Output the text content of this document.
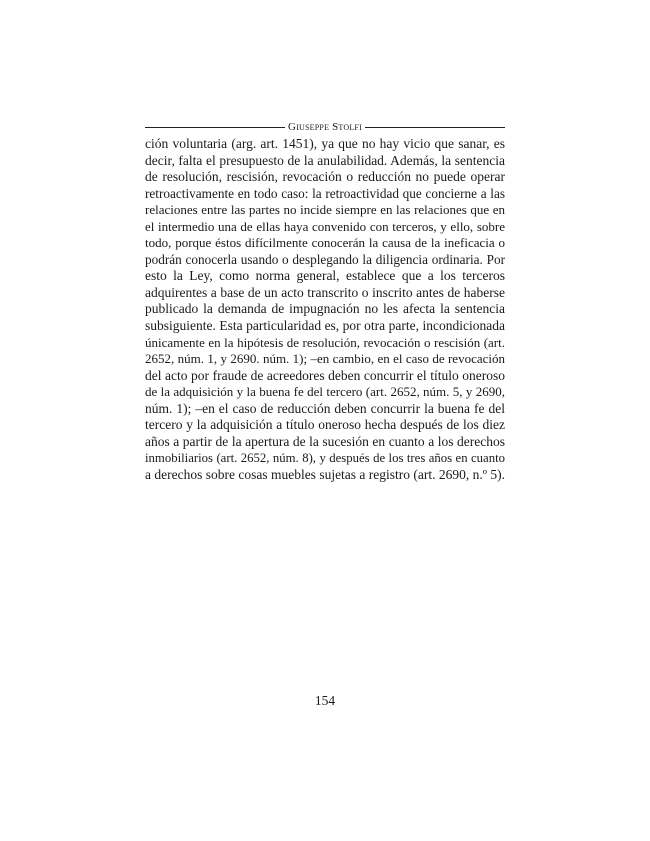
Giuseppe Stolfi
ción voluntaria (arg. art. 1451), ya que no hay vicio que sanar, es
decir, falta el presupuesto de la anulabilidad. Además, la sentencia
de resolución, rescisión, revocación o reducción no puede operar
retroactivamente en todo caso: la retroactividad que concierne a las
relaciones entre las partes no incide siempre en las relaciones que en
el intermedio una de ellas haya convenido con terceros, y ello, sobre
todo, porque éstos difícilmente conocerán la causa de la ineficacia o
podrán conocerla usando o desplegando la diligencia ordinaria. Por
esto la Ley, como norma general, establece que a los terceros
adquirentes a base de un acto transcrito o inscrito antes de haberse
publicado la demanda de impugnación no les afecta la sentencia
subsiguiente. Esta particularidad es, por otra parte, incondicionada
únicamente en la hipótesis de resolución, revocación o rescisión (art.
2652, núm. 1, y 2690. núm. 1); –en cambio, en el caso de revocación
del acto por fraude de acreedores deben concurrir el título oneroso
de la adquisición y la buena fe del tercero (art. 2652, núm. 5, y 2690,
núm. 1); –en el caso de reducción deben concurrir la buena fe del
tercero y la adquisición a título oneroso hecha después de los diez
años a partir de la apertura de la sucesión en cuanto a los derechos
inmobiliarios (art. 2652, núm. 8), y después de los tres años en cuanto
a derechos sobre cosas muebles sujetas a registro (art. 2690, n.º 5).
154
